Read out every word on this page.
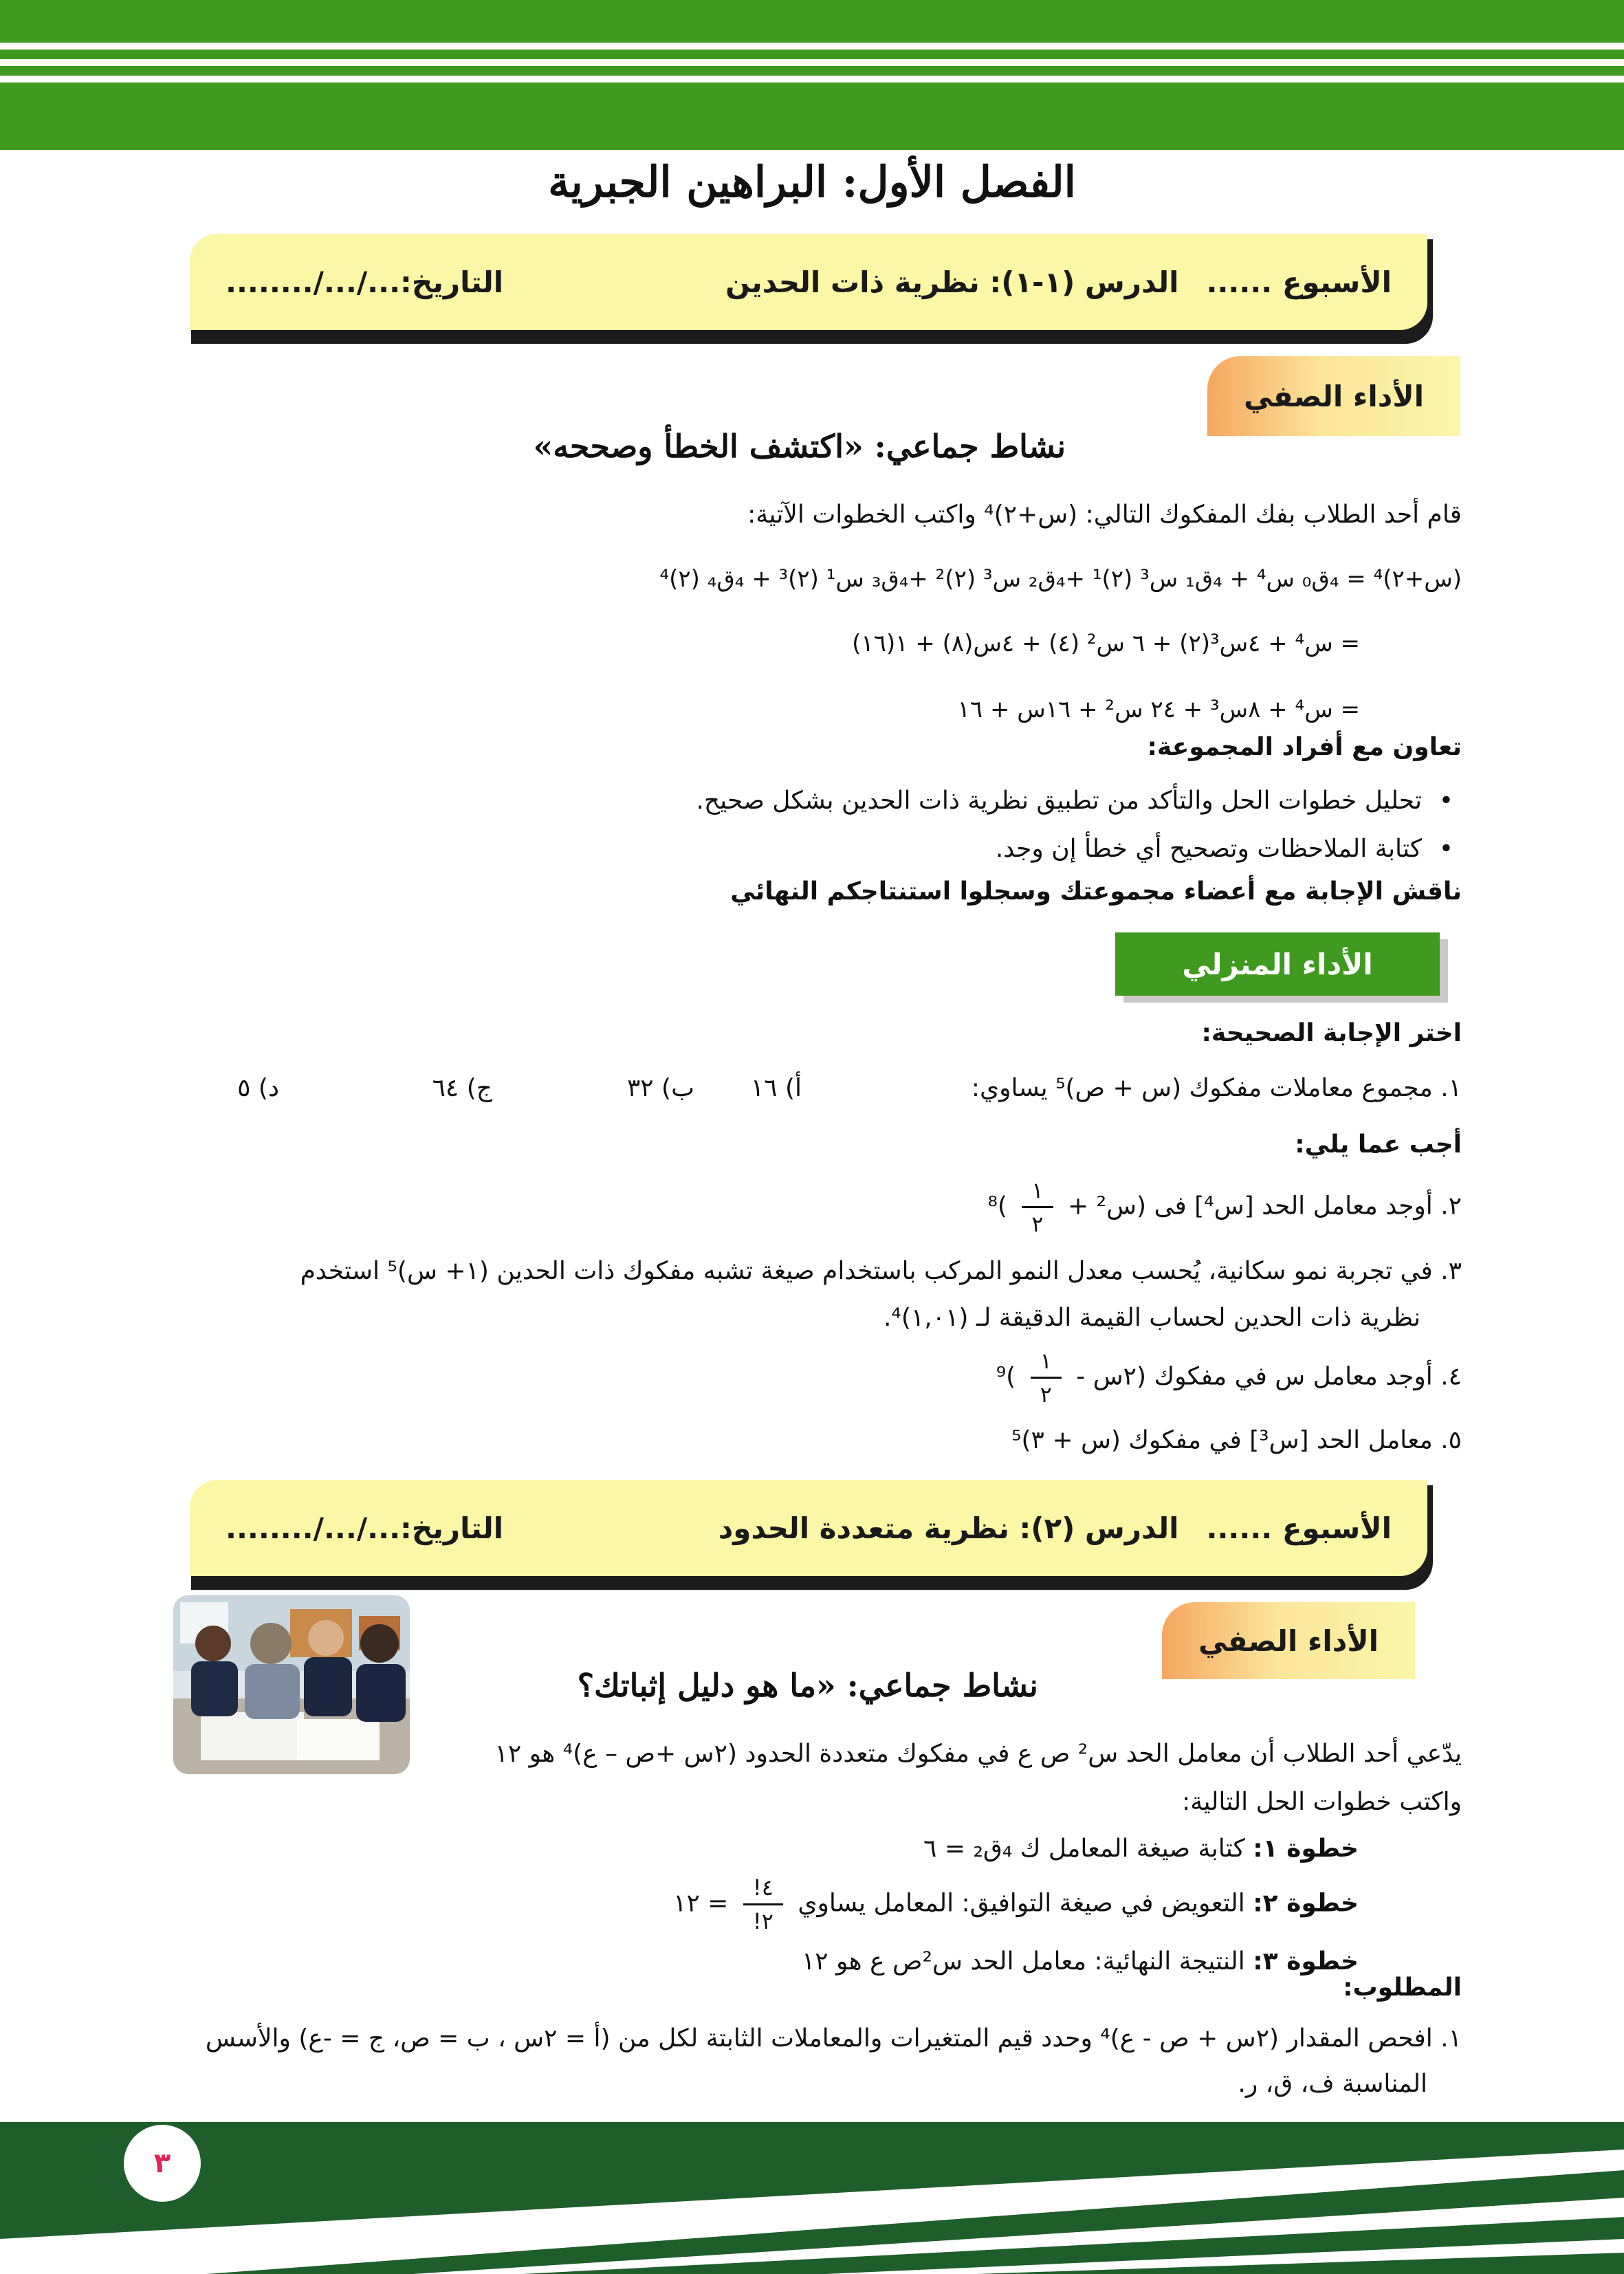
الفصل الأول: البراهين الجبرية
الأسبوع ......
الدرس (١-١): نظرية ذات الحدين
التاريخ:.../.../........
الأداء الصفي
نشاط جماعي: «اكتشف الخطأ وصححه»
قام أحد الطلاب بفك المفكوك التالي: (س+٢)⁴ واكتب الخطوات الآتية:
(س+٢)⁴ = ₄ق₀ س⁴ + ₄ق₁ س³ (٢)¹ +₄ق₂ س³ (٢)² +₄ق₃ س¹ (٢)³ + ₄ق₄ (٢)⁴
= س⁴ + ٤س³(٢) + ٦ س² (٤) + ٤س(٨) + ١(١٦)
= س⁴ + ٨س³ + ٢٤ س² + ١٦س + ١٦
تعاون مع أفراد المجموعة:
• تحليل خطوات الحل والتأكد من تطبيق نظرية ذات الحدين بشكل صحيح.
• كتابة الملاحظات وتصحيح أي خطأ إن وجد.
ناقش الإجابة مع أعضاء مجموعتك وسجلوا استنتاجكم النهائي
الأداء المنزلي
اختر الإجابة الصحيحة:
١. مجموع معاملات مفكوك (س + ص)⁵ يساوي:
أ) ١٦
ب) ٣٢
ج) ٦٤
د) ٥
أجب عما يلي:
٢. أوجد معامل الحد [س⁴] فى (س² +
$\frac{١}{٢}$
)⁸
٣. في تجربة نمو سكانية، يُحسب معدل النمو المركب باستخدام صيغة تشبه مفكوك ذات الحدين (١+ س)⁵ استخدم
نظرية ذات الحدين لحساب القيمة الدقيقة لـ (١,٠١)⁴.
٤. أوجد معامل س في مفكوك (٢س -
$\frac{١}{٢}$
)⁹
٥. معامل الحد [س³] في مفكوك (س + ٣)⁵
الأسبوع ......
الدرس (٢): نظرية متعددة الحدود
التاريخ:.../.../........
الأداء الصفي
نشاط جماعي: «ما هو دليل إثباتك؟
يدّعي أحد الطلاب أن معامل الحد س² ص ع في مفكوك متعددة الحدود (٢س +ص – ع)⁴ هو ١٢
واكتب خطوات الحل التالية:
خطوة ١: كتابة صيغة المعامل ك ₄ق₂ = ٦
خطوة ٢: التعويض في صيغة التوافيق: المعامل يساوي
$\frac{٤!}{٢!}$
= ١٢
خطوة ٣: النتيجة النهائية: معامل الحد س²ص ع هو ١٢
المطلوب:
١. افحص المقدار (٢س + ص - ع)⁴ وحدد قيم المتغيرات والمعاملات الثابتة لكل من (أ = ٢س ، ب = ص، ج = -ع) والأسس
المناسبة ف، ق، ر.
٣
